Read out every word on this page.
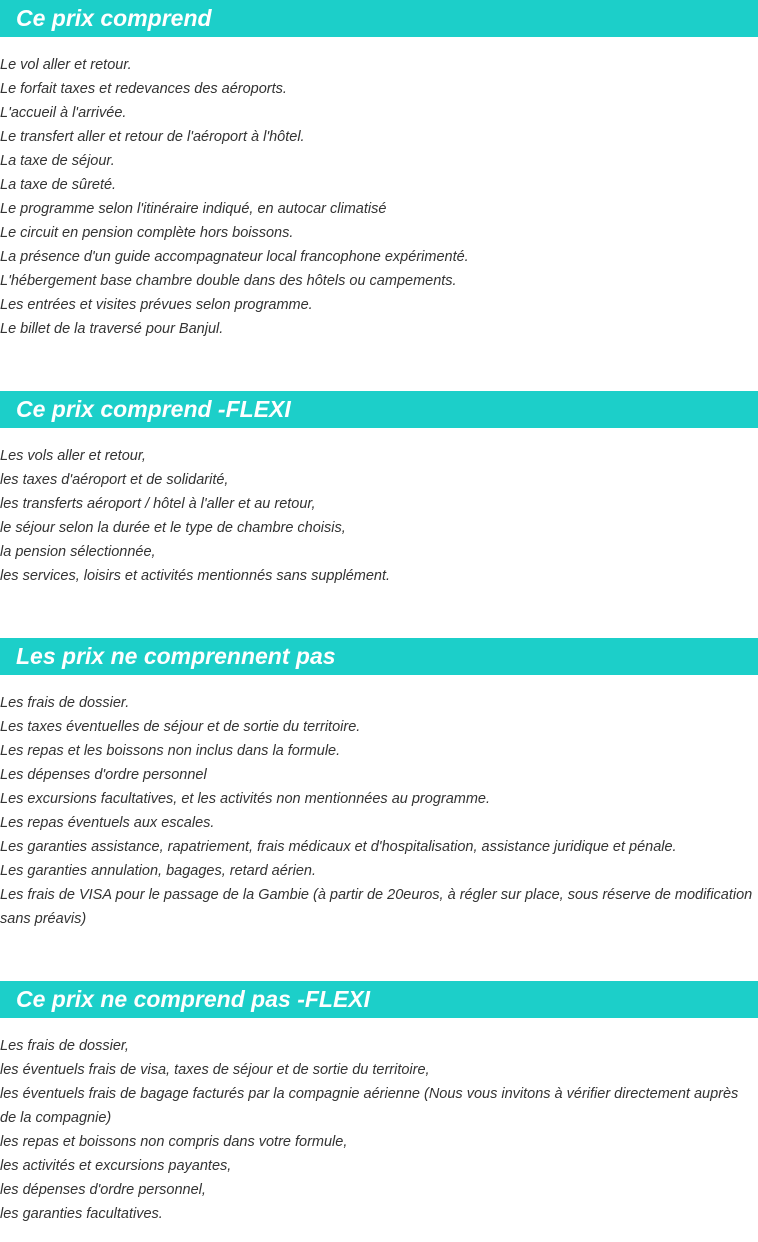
Ce prix comprend
Le vol aller et retour.
Le forfait taxes et redevances des aéroports.
L'accueil à l'arrivée.
Le transfert aller et retour de l'aéroport à l'hôtel.
La taxe de séjour.
La taxe de sûreté.
Le programme selon l'itinéraire indiqué, en autocar climatisé
Le circuit en pension complète hors boissons.
La présence d'un guide accompagnateur local francophone expérimenté.
L'hébergement base chambre double dans des hôtels ou campements.
Les entrées et visites prévues selon programme.
Le billet de la traversé pour Banjul.
Ce prix comprend -FLEXI
Les vols aller et retour,
les taxes d'aéroport et de solidarité,
les transferts aéroport / hôtel à l'aller et au retour,
le séjour selon la durée et le type de chambre choisis,
la pension sélectionnée,
les services, loisirs et activités mentionnés sans supplément.
Les prix ne comprennent pas
Les frais de dossier.
Les taxes éventuelles de séjour et de sortie du territoire.
Les repas et les boissons non inclus dans la formule.
Les dépenses d'ordre personnel
Les excursions facultatives, et les activités non mentionnées au programme.
Les repas éventuels aux escales.
Les garanties assistance, rapatriement, frais médicaux et d'hospitalisation, assistance juridique et pénale.
Les garanties annulation, bagages, retard aérien.
Les frais de VISA pour le passage de la Gambie (à partir de 20euros, à régler sur place, sous réserve de modification sans préavis)
Ce prix ne comprend pas -FLEXI
Les frais de dossier,
les éventuels frais de visa, taxes de séjour et de sortie du territoire,
les éventuels frais de bagage facturés par la compagnie aérienne (Nous vous invitons à vérifier directement auprès de la compagnie)
les repas et boissons non compris dans votre formule,
les activités et excursions payantes,
les dépenses d'ordre personnel,
les garanties facultatives.
